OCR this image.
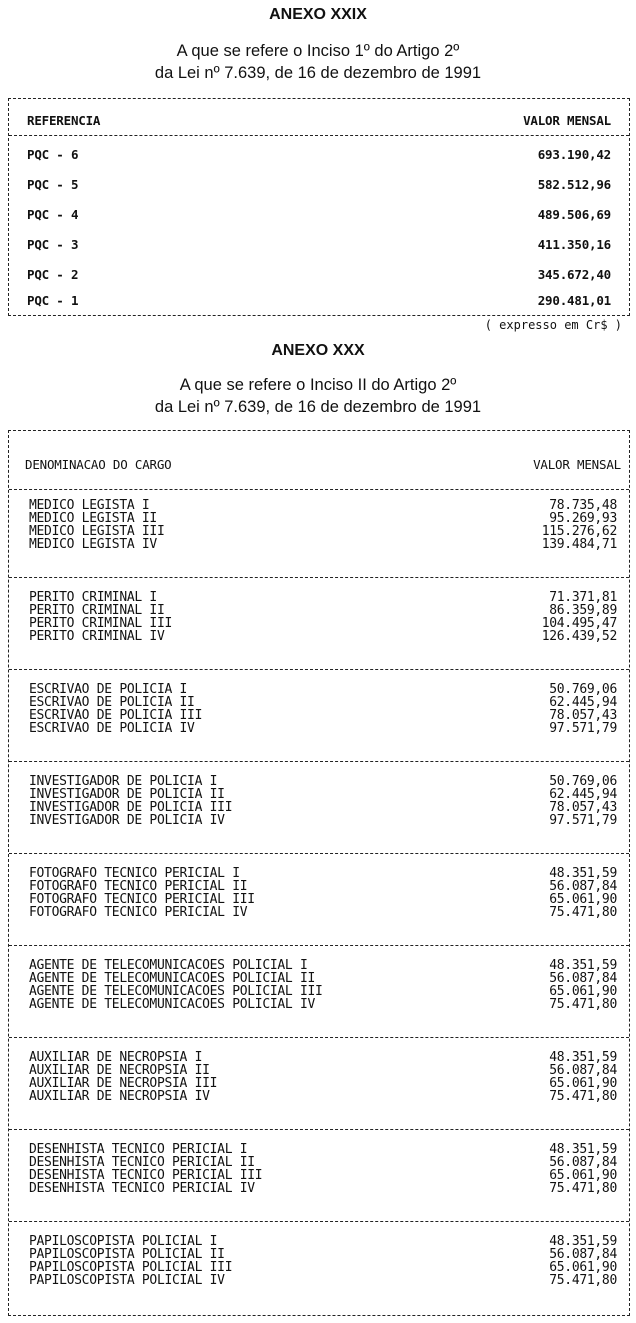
ANEXO XXIX
A que se refere o Inciso 1º do Artigo 2º
da Lei nº 7.639, de 16 de dezembro de 1991
REFERENCIA	VALOR MENSAL
PQC - 6	693.190,42
PQC - 5	582.512,96
PQC - 4	489.506,69
PQC - 3	411.350,16
PQC - 2	345.672,40
PQC - 1	290.481,01
( expresso em Cr$ )
ANEXO XXX
A que se refere o Inciso II do Artigo 2º
da Lei nº 7.639, de 16 de dezembro de 1991
DENOMINACAO DO CARGO	VALOR MENSAL
MEDICO LEGISTA I	78.735,48
MEDICO LEGISTA II	95.269,93
MEDICO LEGISTA III	115.276,62
MEDICO LEGISTA IV	139.484,71
PERITO CRIMINAL I	71.371,81
PERITO CRIMINAL II	86.359,89
PERITO CRIMINAL III	104.495,47
PERITO CRIMINAL IV	126.439,52
ESCRIVAO DE POLICIA I	50.769,06
ESCRIVAO DE POLICIA II	62.445,94
ESCRIVAO DE POLICIA III	78.057,43
ESCRIVAO DE POLICIA IV	97.571,79
INVESTIGADOR DE POLICIA I	50.769,06
INVESTIGADOR DE POLICIA II	62.445,94
INVESTIGADOR DE POLICIA III	78.057,43
INVESTIGADOR DE POLICIA IV	97.571,79
FOTOGRAFO TECNICO PERICIAL I	48.351,59
FOTOGRAFO TECNICO PERICIAL II	56.087,84
FOTOGRAFO TECNICO PERICIAL III	65.061,90
FOTOGRAFO TECNICO PERICIAL IV	75.471,80
AGENTE DE TELECOMUNICACOES POLICIAL I	48.351,59
AGENTE DE TELECOMUNICACOES POLICIAL II	56.087,84
AGENTE DE TELECOMUNICACOES POLICIAL III	65.061,90
AGENTE DE TELECOMUNICACOES POLICIAL IV	75.471,80
AUXILIAR DE NECROPSIA I	48.351,59
AUXILIAR DE NECROPSIA II	56.087,84
AUXILIAR DE NECROPSIA III	65.061,90
AUXILIAR DE NECROPSIA IV	75.471,80
DESENHISTA TECNICO PERICIAL I	48.351,59
DESENHISTA TECNICO PERICIAL II	56.087,84
DESENHISTA TECNICO PERICIAL III	65.061,90
DESENHISTA TECNICO PERICIAL IV	75.471,80
PAPILOSCOPISTA POLICIAL I	48.351,59
PAPILOSCOPISTA POLICIAL II	56.087,84
PAPILOSCOPISTA POLICIAL III	65.061,90
PAPILOSCOPISTA POLICIAL IV	75.471,80
